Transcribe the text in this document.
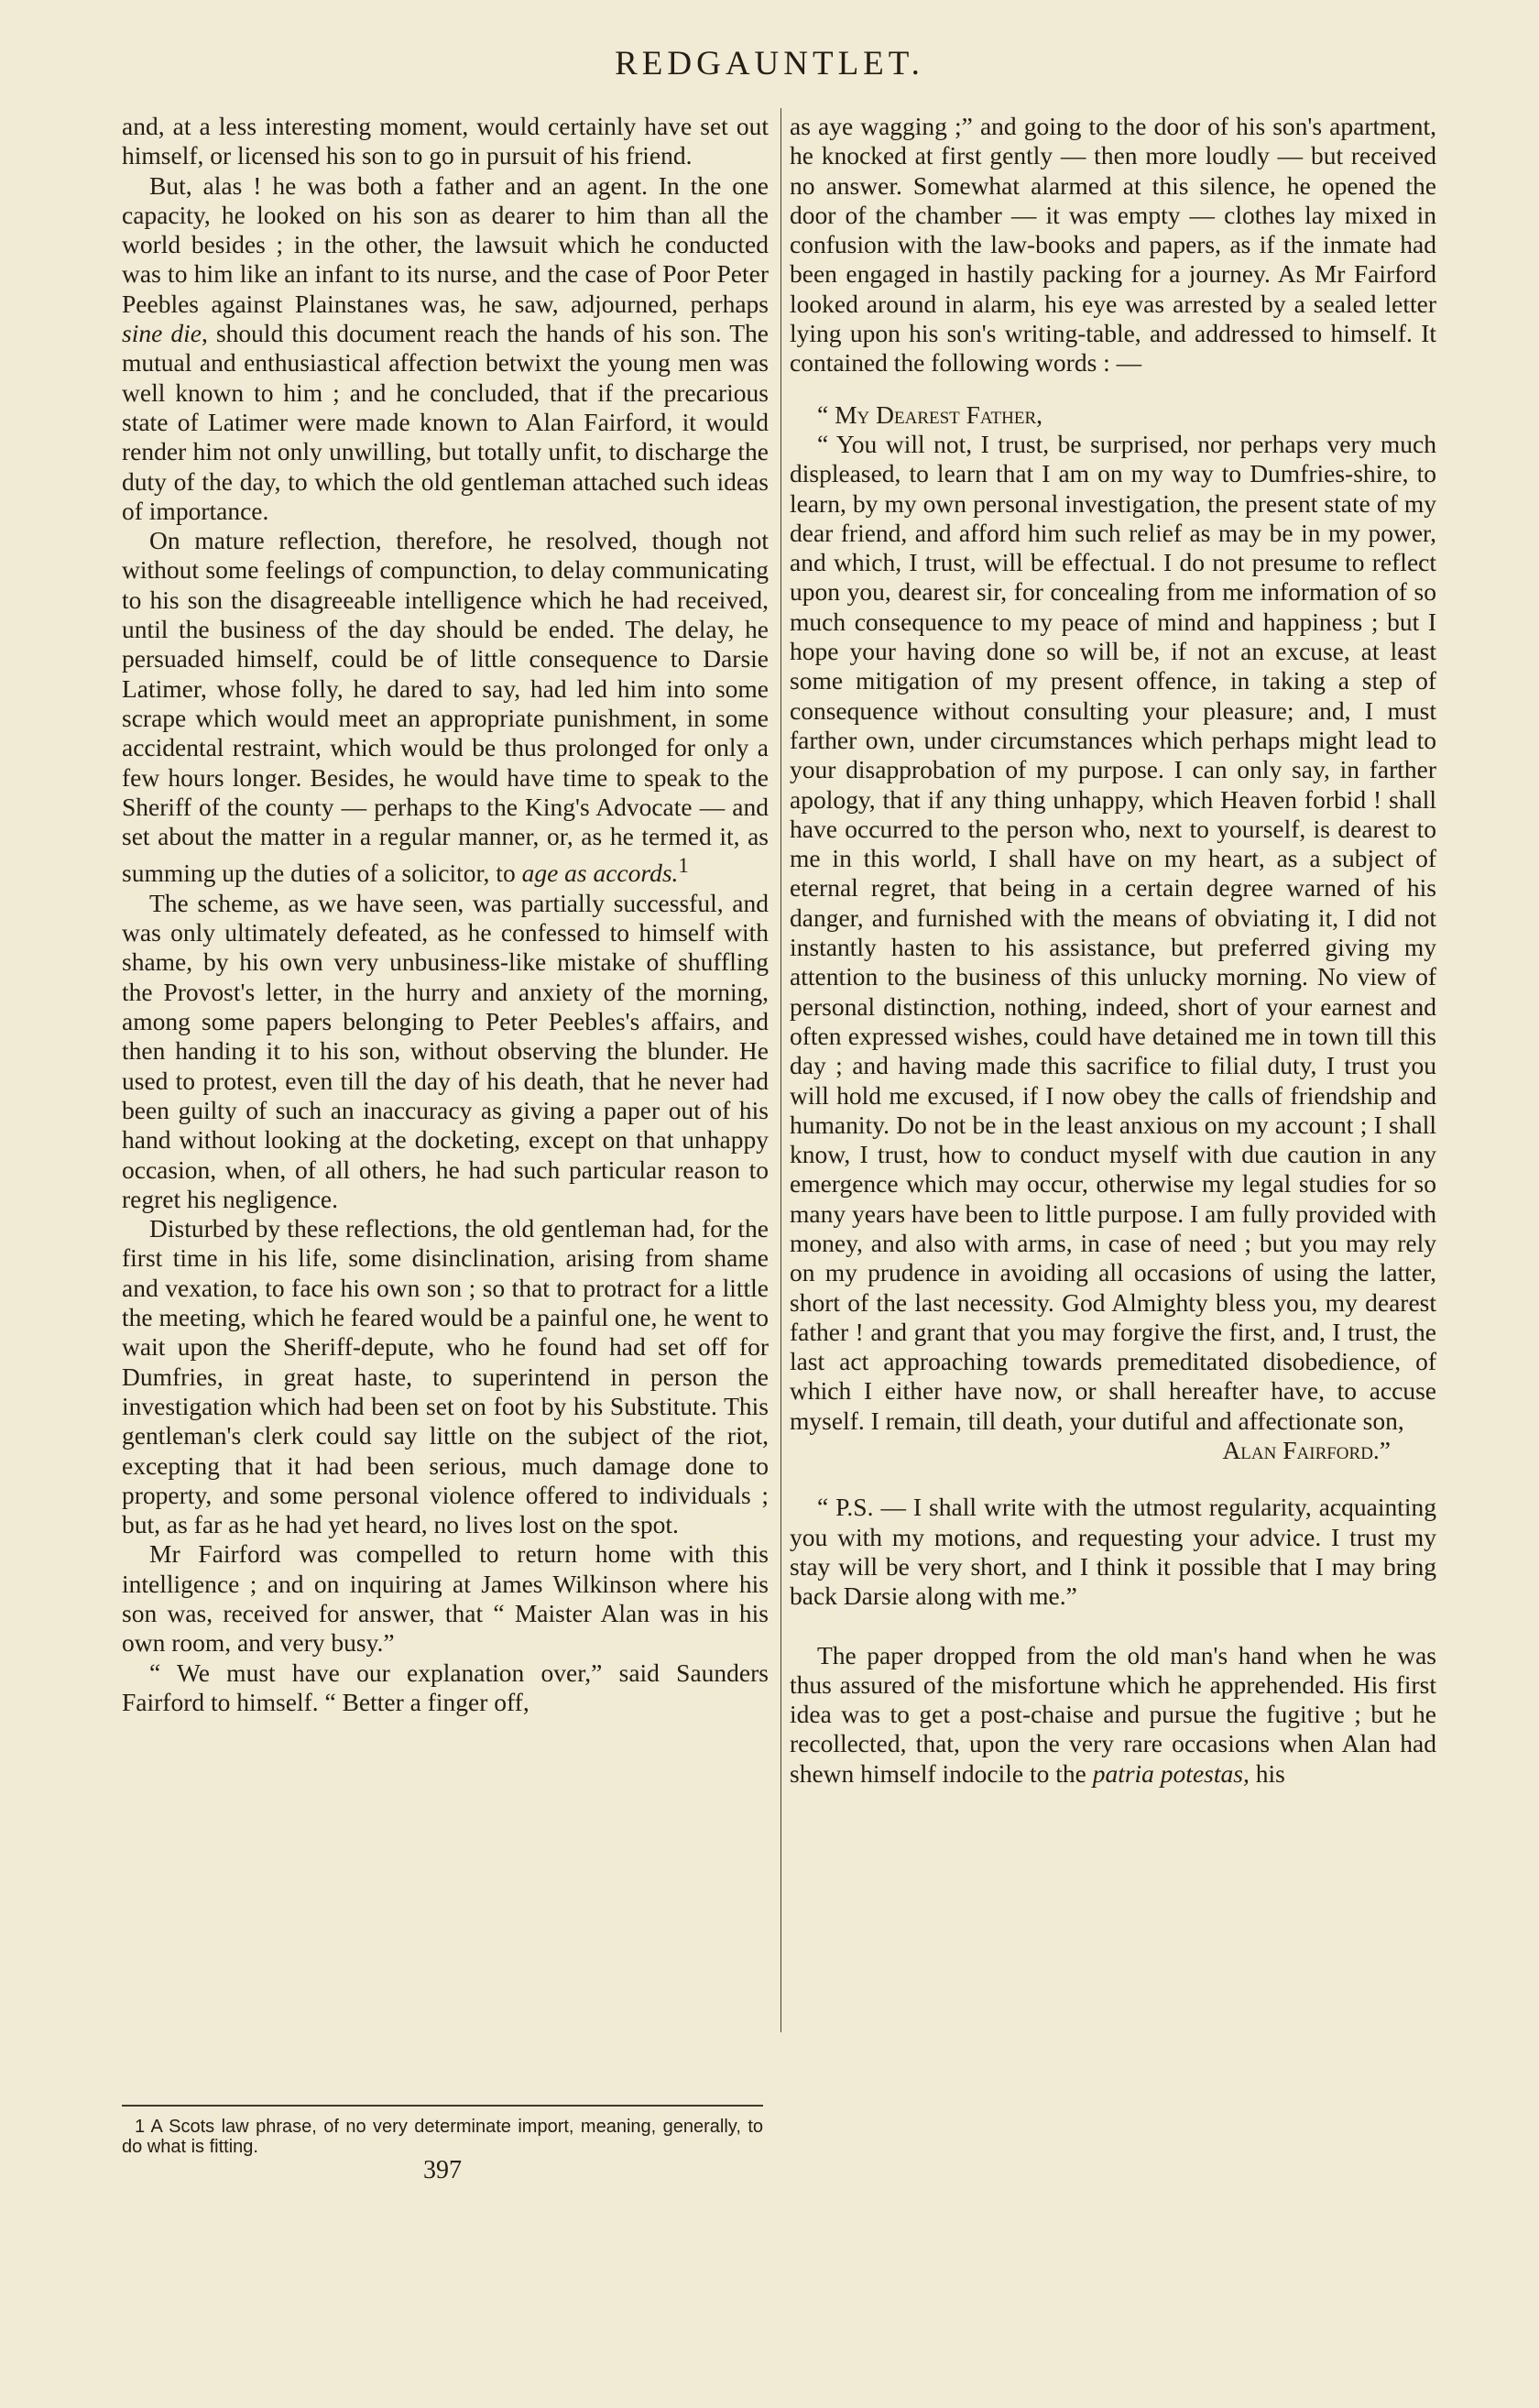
REDGAUNTLET.

and, at a less interesting moment, would certainly have set out himself, or licensed his son to go in pursuit of his friend.

But, alas ! he was both a father and an agent. In the one capacity, he looked on his son as dearer to him than all the world besides ; in the other, the lawsuit which he conducted was to him like an infant to its nurse, and the case of Poor Peter Peebles against Plainstanes was, he saw, adjourned, perhaps sine die, should this document reach the hands of his son. The mutual and enthusiastical affection betwixt the young men was well known to him ; and he concluded, that if the precarious state of Latimer were made known to Alan Fairford, it would render him not only unwilling, but totally unfit, to discharge the duty of the day, to which the old gentleman attached such ideas of importance.

On mature reflection, therefore, he resolved, though not without some feelings of compunction, to delay communicating to his son the disagreeable intelligence which he had received, until the business of the day should be ended. The delay, he persuaded himself, could be of little consequence to Darsie Latimer, whose folly, he dared to say, had led him into some scrape which would meet an appropriate punishment, in some accidental restraint, which would be thus prolonged for only a few hours longer. Besides, he would have time to speak to the Sheriff of the county — perhaps to the King's Advocate — and set about the matter in a regular manner, or, as he termed it, as summing up the duties of a solicitor, to age as accords.$^1$

The scheme, as we have seen, was partially successful, and was only ultimately defeated, as he confessed to himself with shame, by his own very unbusiness-like mistake of shuffling the Provost's letter, in the hurry and anxiety of the morning, among some papers belonging to Peter Peebles's affairs, and then handing it to his son, without observing the blunder. He used to protest, even till the day of his death, that he never had been guilty of such an inaccuracy as giving a paper out of his hand without looking at the docketing, except on that unhappy occasion, when, of all others, he had such particular reason to regret his negligence.

Disturbed by these reflections, the old gentleman had, for the first time in his life, some disinclination, arising from shame and vexation, to face his own son ; so that to protract for a little the meeting, which he feared would be a painful one, he went to wait upon the Sheriff-depute, who he found had set off for Dumfries, in great haste, to superintend in person the investigation which had been set on foot by his Substitute. This gentleman's clerk could say little on the subject of the riot, excepting that it had been serious, much damage done to property, and some personal violence offered to individuals ; but, as far as he had yet heard, no lives lost on the spot.

Mr Fairford was compelled to return home with this intelligence ; and on inquiring at James Wilkinson where his son was, received for answer, that “ Maister Alan was in his own room, and very busy.”

“ We must have our explanation over,” said Saunders Fairford to himself. “ Better a finger off,

as aye wagging ;” and going to the door of his son's apartment, he knocked at first gently — then more loudly — but received no answer. Somewhat alarmed at this silence, he opened the door of the chamber — it was empty — clothes lay mixed in confusion with the law-books and papers, as if the inmate had been engaged in hastily packing for a journey. As Mr Fairford looked around in alarm, his eye was arrested by a sealed letter lying upon his son's writing-table, and addressed to himself. It contained the following words : —

“ My Dearest Father,

“ You will not, I trust, be surprised, nor perhaps very much displeased, to learn that I am on my way to Dumfries-shire, to learn, by my own personal investigation, the present state of my dear friend, and afford him such relief as may be in my power, and which, I trust, will be effectual. I do not presume to reflect upon you, dearest sir, for concealing from me information of so much consequence to my peace of mind and happiness ; but I hope your having done so will be, if not an excuse, at least some mitigation of my present offence, in taking a step of consequence without consulting your pleasure; and, I must farther own, under circumstances which perhaps might lead to your disapprobation of my purpose. I can only say, in farther apology, that if any thing unhappy, which Heaven forbid ! shall have occurred to the person who, next to yourself, is dearest to me in this world, I shall have on my heart, as a subject of eternal regret, that being in a certain degree warned of his danger, and furnished with the means of obviating it, I did not instantly hasten to his assistance, but preferred giving my attention to the business of this unlucky morning. No view of personal distinction, nothing, indeed, short of your earnest and often expressed wishes, could have detained me in town till this day ; and having made this sacrifice to filial duty, I trust you will hold me excused, if I now obey the calls of friendship and humanity. Do not be in the least anxious on my account ; I shall know, I trust, how to conduct myself with due caution in any emergence which may occur, otherwise my legal studies for so many years have been to little purpose. I am fully provided with money, and also with arms, in case of need ; but you may rely on my prudence in avoiding all occasions of using the latter, short of the last necessity. God Almighty bless you, my dearest father ! and grant that you may forgive the first, and, I trust, the last act approaching towards premeditated disobedience, of which I either have now, or shall hereafter have, to accuse myself. I remain, till death, your dutiful and affectionate son,

Alan Fairford.”

“ P.S. — I shall write with the utmost regularity, acquainting you with my motions, and requesting your advice. I trust my stay will be very short, and I think it possible that I may bring back Darsie along with me.”

The paper dropped from the old man's hand when he was thus assured of the misfortune which he apprehended. His first idea was to get a post-chaise and pursue the fugitive ; but he recollected, that, upon the very rare occasions when Alan had shewn himself indocile to the patria potestas, his

1 A Scots law phrase, of no very determinate import, meaning, generally, to do what is fitting.
397
